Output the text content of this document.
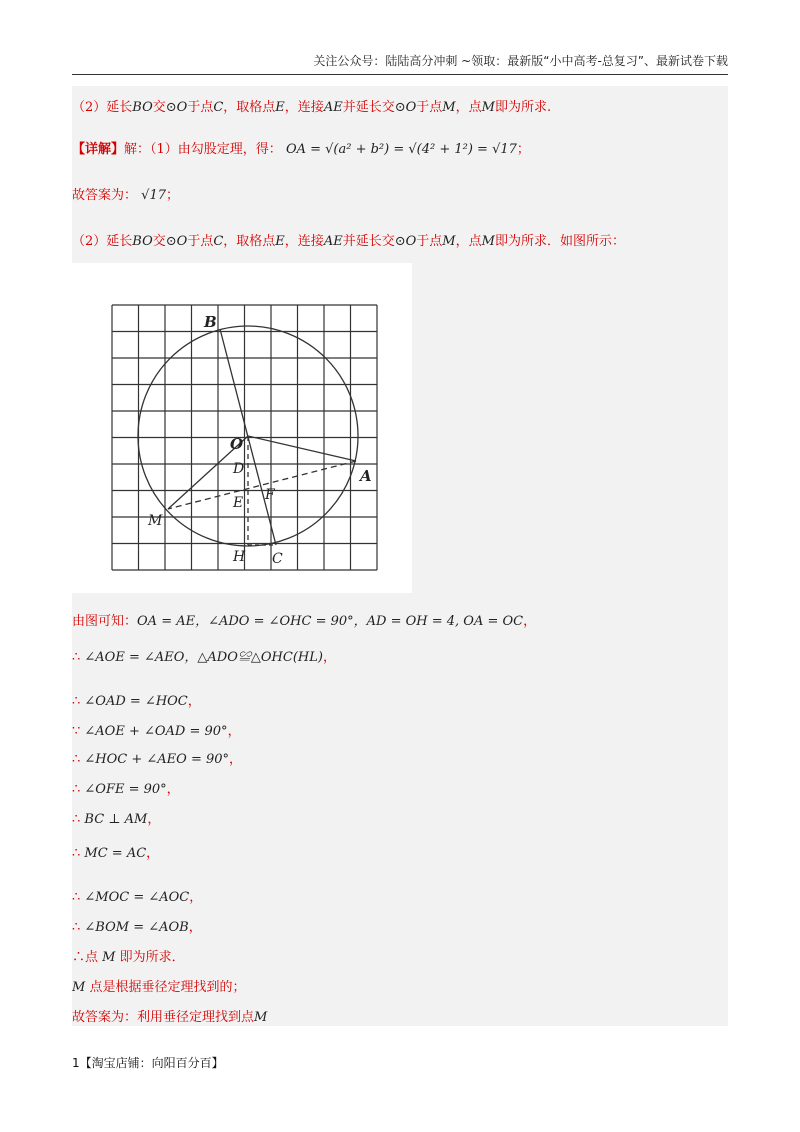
关注公众号：陆陆高分冲刺 ~领取：最新版“小中高考-总复习”、最新试卷下载
（2）延长BO交⊙O于点C，取格点E，连接AE并延长交⊙O于点M，点M即为所求.
【详解】解：（1）由勾股定理，得： OA = √(a² + b²) = √(4² + 1²) = √17；
故答案为： √17；
（2）延长BO交⊙O于点C，取格点E，连接AE并延长交⊙O于点M，点M即为所求．如图所示：
B
O
A
D
F
E
M
H C
由图可知：OA = AE，∠ADO = ∠OHC = 90°，AD = OH = 4, OA = OC，
∴ ∠AOE = ∠AEO，△ADO≌△OHC(HL)，
∴ ∠OAD = ∠HOC，
∵ ∠AOE + ∠OAD = 90°，
∴ ∠HOC + ∠AEO = 90°，
∴ ∠OFE = 90°，
∴ BC ⊥ AM，
∴ MC = AC，
∴ ∠MOC = ∠AOC，
∴ ∠BOM = ∠AOB，
∴点 M 即为所求．
M 点是根据垂径定理找到的；
故答案为：利用垂径定理找到点M
1【淘宝店铺：向阳百分百】
